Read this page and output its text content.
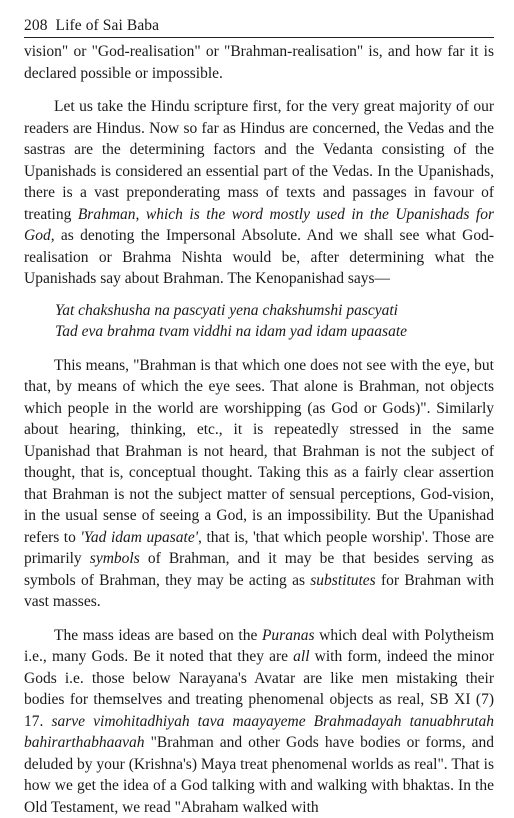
208 Life of Sai Baba

vision" or "God-realisation" or "Brahman-realisation" is, and how far it is declared possible or impossible.

Let us take the Hindu scripture first, for the very great majority of our readers are Hindus. Now so far as Hindus are concerned, the Vedas and the sastras are the determining factors and the Vedanta consisting of the Upanishads is considered an essential part of the Vedas. In the Upanishads, there is a vast preponderating mass of texts and passages in favour of treating Brahman, which is the word mostly used in the Upanishads for God, as denoting the Impersonal Absolute. And we shall see what God-realisation or Brahma Nishta would be, after determining what the Upanishads say about Brahman. The Kenopanishad says—

Yat chakshusha na pascyati yena chakshumshi pascyati
Tad eva brahma tvam viddhi na idam yad idam upaasate

This means, "Brahman is that which one does not see with the eye, but that, by means of which the eye sees. That alone is Brahman, not objects which people in the world are worshipping (as God or Gods)". Similarly about hearing, thinking, etc., it is repeatedly stressed in the same Upanishad that Brahman is not heard, that Brahman is not the subject of thought, that is, conceptual thought. Taking this as a fairly clear assertion that Brahman is not the subject matter of sensual perceptions, God-vision, in the usual sense of seeing a God, is an impossibility. But the Upanishad refers to 'Yad idam upasate', that is, 'that which people worship'. Those are primarily symbols of Brahman, and it may be that besides serving as symbols of Brahman, they may be acting as substitutes for Brahman with vast masses.

The mass ideas are based on the Puranas which deal with Polytheism i.e., many Gods. Be it noted that they are all with form, indeed the minor Gods i.e. those below Narayana's Avatar are like men mistaking their bodies for themselves and treating phenomenal objects as real, SB XI (7) 17. sarve vimohitadhiyah tava maayayeme Brahmadayah tanuabhrutah bahirarthabhaavah "Brahman and other Gods have bodies or forms, and deluded by your (Krishna's) Maya treat phenomenal worlds as real". That is how we get the idea of a God talking with and walking with bhaktas. In the Old Testament, we read "Abraham walked with
